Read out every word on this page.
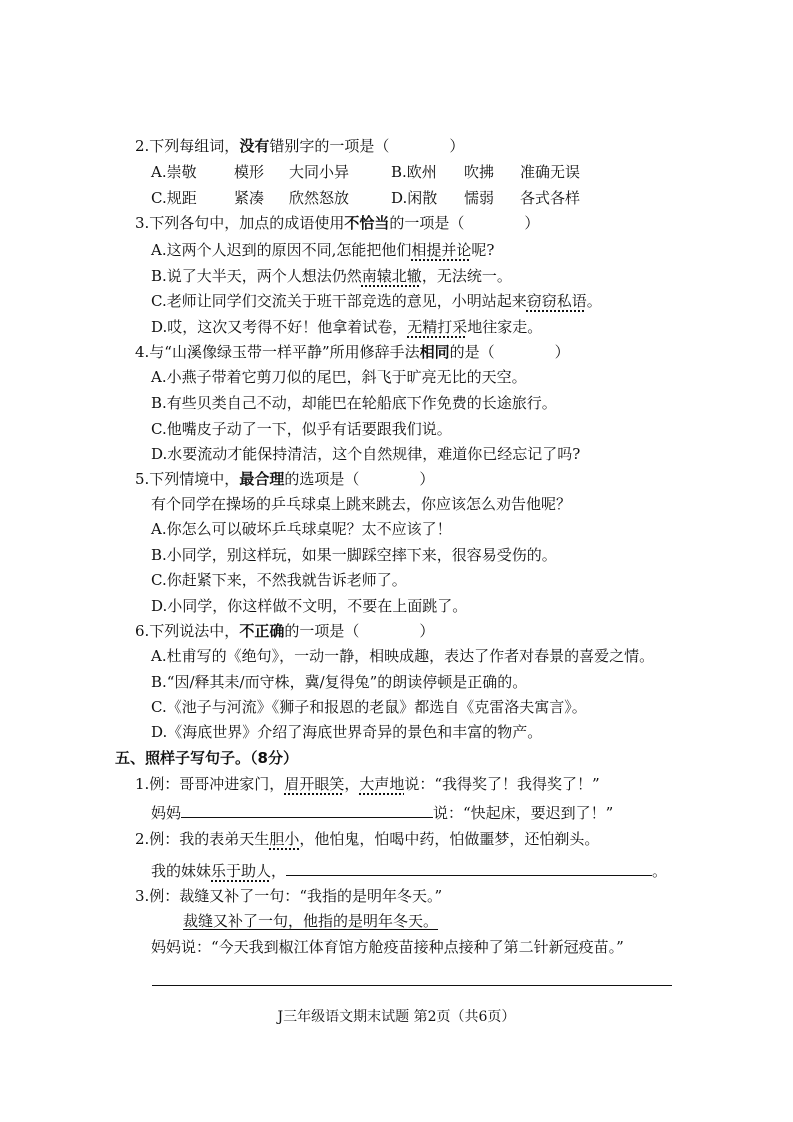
2.下列每组词，没有错别字的一项是（　　　　）
A.崇敬 模形 大同小异	B.欧州 吹拂 准确无误
C.规距 紧凑 欣然怒放	D.闲散 懦弱 各式各样
3.下列各句中，加点的成语使用不恰当的一项是（　　　　）
A.这两个人迟到的原因不同,怎能把他们相提并论呢?
B.说了大半天，两个人想法仍然南辕北辙，无法统一。
C.老师让同学们交流关于班干部竞选的意见，小明站起来窃窃私语。
D.哎，这次又考得不好！他拿着试卷，无精打采地往家走。
4.与“山溪像绿玉带一样平静”所用修辞手法相同的是（　　　　）
A.小燕子带着它剪刀似的尾巴，斜飞于旷亮无比的天空。
B.有些贝类自己不动，却能巴在轮船底下作免费的长途旅行。
C.他嘴皮子动了一下，似乎有话要跟我们说。
D.水要流动才能保持清洁，这个自然规律，难道你已经忘记了吗?
5.下列情境中，最合理的选项是（　　　　）
有个同学在操场的乒乓球桌上跳来跳去，你应该怎么劝告他呢？
A.你怎么可以破坏乒乓球桌呢？太不应该了！
B.小同学，别这样玩，如果一脚踩空摔下来，很容易受伤的。
C.你赶紧下来，不然我就告诉老师了。
D.小同学，你这样做不文明，不要在上面跳了。
6.下列说法中，不正确的一项是（　　　　）
A.杜甫写的《绝句》，一动一静，相映成趣，表达了作者对春景的喜爱之情。
B.“因/释其耒/而守株，冀/复得兔”的朗读停顿是正确的。
C.《池子与河流》《狮子和报恩的老鼠》都选自《克雷洛夫寓言》。
D.《海底世界》介绍了海底世界奇异的景色和丰富的物产。
五、照样子写句子。（8分）
1.例：哥哥冲进家门，眉开眼笑，大声地说：“我得奖了！我得奖了！”
妈妈	说：“快起床，要迟到了！”
2.例：我的表弟天生胆小，他怕鬼，怕喝中药，怕做噩梦，还怕剃头。
我的妹妹乐于助人，	。
3.例：裁缝又补了一句：“我指的是明年冬天。”
裁缝又补了一句，他指的是明年冬天。
妈妈说：“今天我到椒江体育馆方舱疫苗接种点接种了第二针新冠疫苗。”
J三年级语文期末试题 第2页（共6页）
